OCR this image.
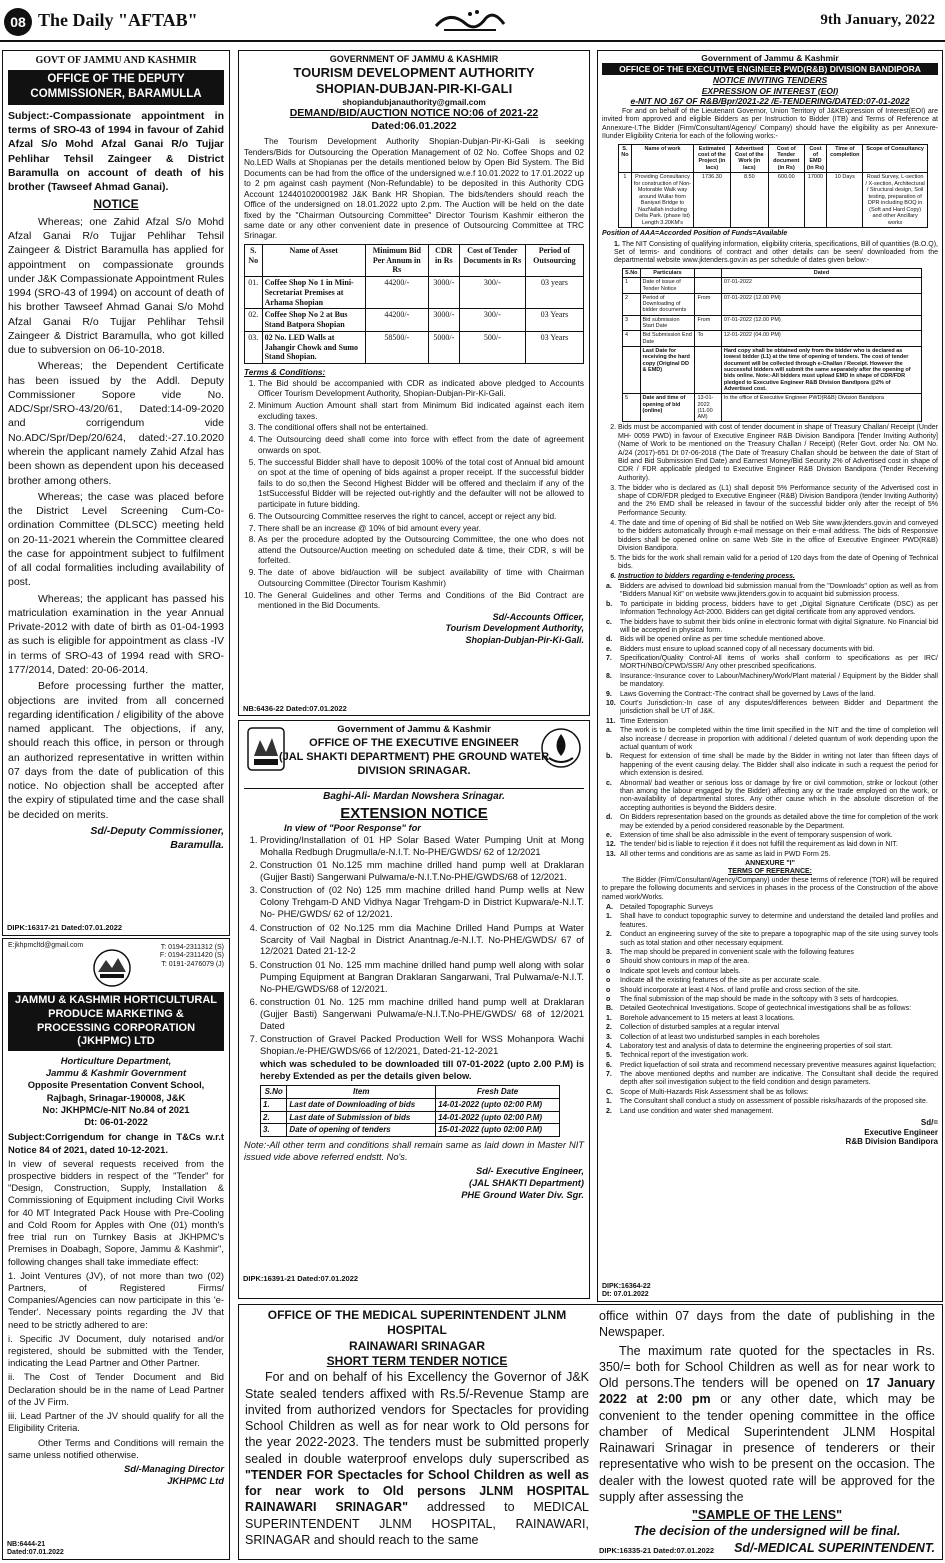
08 The Daily "AFTAB"	9th January, 2022
GOVT OF JAMMU AND KASHMIR
OFFICE OF THE DEPUTY COMMISSIONER, BARAMULLA

Subject:-Compassionate appointment in terms of SRO-43 of 1994 in favour of Zahid Afzal S/o Mohd Afzal Ganai R/o Tujjar Pehlihar Tehsil Zaingeer & District Baramulla on account of death of his brother (Tawseef Ahmad Ganai).

NOTICE

Whereas; one Zahid Afzal S/o Mohd Afzal Ganai R/o Tujjar Pehlihar Tehsil Zaingeer & District Baramulla has applied for appointment on compassionate grounds under J&K Compassionate Appointment Rules 1994 (SRO-43 of 1994) on account of death of his brother Tawseef Ahmad Ganai S/o Mohd Afzal Ganai R/o Tujjar Pehlihar Tehsil Zaingeer & District Baramulla, who got killed due to subversion on 06-10-2018.

Whereas; the Dependent Certificate has been issued by the Addl. Deputy Commissioner Sopore vide No. ADC/Spr/SRO-43/20/61, Dated:14-09-2020 and corrigendum vide No.ADC/Spr/Dep/20/624, dated:-27.10.2020 wherein the applicant namely Zahid Afzal has been shown as dependent upon his deceased brother among others.

Whereas; the case was placed before the District Level Screening Cum-Co-ordination Committee (DLSCC) meeting held on 20-11-2021 wherein the Committee cleared the case for appointment subject to fulfilment of all codal formalities including availability of post.

Whereas; the applicant has passed his matriculation examination in the year Annual Private-2012 with date of birth as 01-04-1993 as such is eligible for appointment as class -IV in terms of SRO-43 of 1994 read with SRO-177/2014, Dated: 20-06-2014.

Before processing further the matter, objections are invited from all concerned regarding identification / eligibility of the above named applicant. The objections, if any, should reach this office, in person or through an authorized representative in written within 07 days from the date of publication of this notice. No objection shall be accepted after the expiry of stipulated time and the case shall be decided on merits.

Sd/-Deputy Commissioner,
Baramulla.
DIPK:16317-21 Dated:07.01.2022
E:jkhpmcltd@gmail.com	T: 0194-2311312 (S)
F: 0194-2311420 (S)
T: 0191-2476079 (J)
JAMMU & KASHMIR HORTICULTURAL PRODUCE MARKETING & PROCESSING CORPORATION (JKHPMC) LTD
Horticulture Department,
Jammu & Kashmir Government
Opposite Presentation Convent School,
Rajbagh, Srinagar-190008, J&K
No: JKHPMC/e-NIT No.84 of 2021
Dt: 06-01-2022

Subject:Corrigendum for change in T&Cs w.r.t Notice 84 of 2021, dated 10-12-2021.

In view of several requests received from the prospective bidders in respect of the "Tender" for "Design, Construction, Supply, Installation & Commissioning of Equipment including Civil Works for 40 MT Integrated Pack House with Pre-Cooling and Cold Room for Apples with One (01) month's free trial run on Turnkey Basis at JKHPMC's Premises in Doabagh, Sopore, Jammu & Kashmir", following changes shall take immediate effect:

1. Joint Ventures (JV), of not more than two (02) Partners, of Registered Firms/ Companies/Agencies can now participate in this 'e-Tender'. Necessary points regarding the JV that need to be strictly adhered to are:

i. Specific JV Document, duly notarised and/or registered, should be submitted with the Tender, indicating the Lead Partner and Other Partner.

ii. The Cost of Tender Document and Bid Declaration should be in the name of Lead Partner of the JV Firm.

iii. Lead Partner of the JV should qualify for all the Eligibility Criteria.

Other Terms and Conditions will remain the same unless notified otherwise.

Sd/-Managing Director
JKHPMC Ltd
NB:6444-21
Dated:07.01.2022
GOVERNMENT OF JAMMU & KASHMIR
TOURISM DEVELOPMENT AUTHORITY
SHOPIAN-DUBJAN-PIR-KI-GALI
shopiandubjanauthority@gmail.com
DEMAND/BID/AUCTION NOTICE NO:06 of 2021-22
Dated:06.01.2022

The Tourism Development Authority Shopian-Dubjan-Pir-Ki-Gali is seeking Tenders/Bids for Outsourcing the Operation Management of 02 No. Coffee Shops and 02 No.LED Walls at Shopianas per the details mentioned below by Open Bid System. The Bid Documents can be had from the office of the undersigned w.e.f 10.01.2022 to 17.01.2022 up to 2 pm against cash payment (Non-Refundable) to be deposited in this Authority CDG Account 124401020001982 J&K Bank HR Shopian. The bids/tenders should reach the Office of the undersigned on 18.01.2022 upto 2.pm. The Auction will be held on the date fixed by the "Chairman Outsourcing Committee" Director Tourism Kashmir eitheron the same date or any other convenient date in presence of Outsourcing Committee at TRC Srinagar.

S. No	Name of Asset	Minimum Bid Per Annum in Rs	CDR in Rs	Cost of Tender Documents in Rs	Period of Outsourcing
01.	Coffee Shop No 1 in Mini-Secretariat Premises at Arhama Shopian	44200/-	3000/-	300/-	03 years
02.	Coffee Shop No 2 at Bus Stand Batpora Shopian	44200/-	3000/-	300/-	03 Years
03.	02 No. LED Walls at Jahangir Chowk and Sumo Stand Shopian.	58500/-	5000/-	500/-	03 Years
Terms & Conditions:
1. The Bid should be accompanied with CDR as indicated above pledged to Accounts Officer Tourism Development Authority, Shopian-Dubjan-Pir-Ki-Gali.
2. Minimum Auction Amount shall start from Minimum Bid indicated against each item excluding taxes.
3. The conditional offers shall not be entertained.
4. The Outsourcing deed shall come into force with effect from the date of agreement onwards on spot.
5. The successful Bidder shall have to deposit 100% of the total cost of Annual bid amount on spot at the time of opening of bids against a proper receipt. If the successful bidder fails to do so,then the Second Highest Bidder will be offered and theclaim if any of the 1stSuccessful Bidder will be rejected out-rightly and the defaulter will not be allowed to participate in future bidding.
6. The Outsourcing Committee reserves the right to cancel, accept or reject any bid.
7. There shall be an increase @ 10% of bid amount every year.
8. As per the procedure adopted by the Outsourcing Committee, the one who does not attend the Outsource/Auction meeting on scheduled date & time, their CDR, s will be forfeited.
9. The date of above bid/auction will be subject availability of time with Chairman Outsourcing Committee (Director Tourism Kashmir)
10. The General Guidelines and other Terms and Conditions of the Bid Contract are mentioned in the Bid Documents.
Sd/-Accounts Officer,
Tourism Development Authority,
Shopian-Dubjan-Pir-Ki-Gali.
NB:6436-22 Dated:07.01.2022
Government of Jammu & Kashmir
OFFICE OF THE EXECUTIVE ENGINEER
(JAL SHAKTI DEPARTMENT) PHE GROUND WATER
DIVISION SRINAGAR.
Baghi-Ali- Mardan Nowshera Srinagar.
EXTENSION NOTICE
In view of "Poor Response" for
1. Providing/Installation of 01 HP Solar Based Water Pumping Unit at Mong Mohalla Redbugh Drugmulla/e-N.I.T. No-PHE/GWDS/ 62 of 12/2021
2. Construction 01 No.125 mm machine drilled hand pump well at Draklaran (Gujjer Basti) Sangerwani Pulwama/e-N.I.T.No-PHE/GWDS/68 of 12/2021.
3. Construction of (02 No) 125 mm machine drilled hand Pump wells at New Colony Trehgam-D AND Vidhya Nagar Trehgam-D in District Kupwara/e-N.I.T. No- PHE/GWDS/ 62 of 12/2021.
4. Construction of 02 No.125 mm dia Machine Drilled Hand Pumps at Water Scarcity of Vail Nagbal in District Anantnag./e-N.I.T. No-PHE/GWDS/ 67 of 12/2021 Dated 21-12-2
5. Construction 01 No. 125 mm machine drilled hand pump well along with solar Pumping Equipment at Bangran Draklaran Sangarwani, Tral Pulwama/e-N.I.T. No-PHE/GWDS/68 of 12/2021.
6. construction 01 No. 125 mm machine drilled hand pump well at Draklaran (Gujjer Basti) Sangerwani Pulwama/e-N.I.T.No-PHE/GWDS/ 68 of 12/2021 Dated
7. Construction of Gravel Packed Production Well for WSS Mohanpora Wachi Shopian./e-PHE/GWDS/66 of 12/2021, Dated-21-12-2021

which was scheduled to be downloaded till 07-01-2022 (upto 2.00 P.M) is hereby Extended as per the details given below.

S.No	Item	Fresh Date
1.	Last date of Downloading of bids	14-01-2022 (upto 02:00 P.M)
2.	Last date of Submission of bids	14-01-2022 (upto 02:00 P.M)
3.	Date of opening of tenders	15-01-2022 (upto 02:00 P.M)

Note:-All other term and conditions shall remain same as laid down in Master NIT issued vide above referred endstt. No's.

Sd/- Executive Engineer,
(JAL SHAKTI Department)
PHE Ground Water Div. Sgr.
DIPK:16391-21 Dated:07.01.2022
Government of Jammu & Kashmir
OFFICE OF THE EXECUTIVE ENGINEER PWD(R&B) DIVISION BANDIPORA
NOTICE INVITING TENDERS
EXPRESSION OF INTEREST (EOI)
e-NIT NO 167 OF R&B/Bpr/2021-22 /E-TENDERING/DATED:07-01-2022

For and on behalf of the Lieutenant Governor, Union Territory of J&KExpression of Interest(EOI) are invited from approved and eligible Bidders as per Instruction to Bidder (ITB) and Terms of Reference at Annexure-I.The Bidder (Firm/Consultant/Agency/ Company) should have the eligibility as per Annexure-IIunder Eligibility Criteria for each of the following works:-

S. No	Name of work	Estimated cost of the Project (in lacs)	Advertised Cost of the Work (in lacs)	Cost of Tender document (in Rs)	Cost of EMD (in Rs)	Time of completion	Scope of Consultancy
1	Providing Consultancy for construction of Non-Motorable Walk way around Wullar from Baniyari Bridge to NazNallah including Delta Park. (phase Ist) Length 3.20KM's	1736.30	8.50	600.00	17000	10 Days	Road Survey, L-section / X-section, Architectural / Structural design, Soil testing, preparation of DPR including BOQ in (Soft and Hard Copy) and other Ancillary works

Position of AAA=Accorded Position of Funds=Available

1. The NIT Consisting of qualifying information, eligibility criteria, specifications, Bill of quantities (B.O.Q), Set of terms- and conditions of contract and other details can be seen/ downloaded from the departmental website www.jktenders.gov.in as per schedule of dates given below:-

S.No	Particulars		Dated
1	Date of issue of Tender Notice		07-01-2022
2	Period of Downloading of bidder documents	From	07-01-2022 (12.00 PM)
3	Bid submission Start Date	From	07-01-2022 (12.00 PM)
4	Bid Submission End Date	To	12-01-2022 (04.00 PM)
	Last Date for receiving the hard copy (Original DD & EMD)		Hard copy shall be obtained only from the bidder who is declared as lowest bidder (L1) at the time of opening of tenders. The cost of tender document will be collected through e-Challan / Receipt. However the successful bidders will submit the same separately after the opening of bids online. Note:-All bidders must upload EMD in shape of CDR/FDR pledged to Executive Engineer R&B Division Bandipora @2% of Advertised cost.
5	Date and time of opening of bid (online)	13-01-2022 (11.00 AM)	In the office of Executive Engineer PWD(R&B) Division Bandipora
2. Bids must be accompanied with cost of tender document in shape of Treasury Challan/ Receipt (Under MH- 0059 PWD) in favour of Executive Engineer R&B Division Bandipora [Tender Inviting Authority] (Name of Work to be mentioned on the Treasury Challan / Receipt) (Refer Govt. order No. OM No. A/24 (2017)-651 Dt 07-06-2018 (The Date of Treasury Challan should be between the date of Start of Bid and Bid Submission End Date) and Earnest Money/Bid Security 2% of Advertised cost in shape of CDR / FDR applicable pledged to Executive Engineer R&B Division Bandipora (Tender Receiving Authority).
3. The bidder who is declared as (L1) shall deposit 5% Performance security of the Advertised cost in shape of CDR/FDR pledged to Executive Engineer (R&B) Division Bandipora (tender Inviting Authority) and the 2% EMD shall be released in favour of the successful bidder only after the receipt of 5% Performance Security.
4. The date and time of opening of Bid shall be notified on Web Site www.jktenders.gov.in and conveyed to the bidders automatically through e-mail message on their e-mail address. The bids of Responsive bidders shall be opened online on same Web Site in the office of Executive Engineer PWD(R&B) Division Bandipora.
5. The bids for the work shall remain valid for a period of 120 days from the date of Opening of Technical bids.
6. Instruction to bidders regarding e-tendering process.
a.	Bidders are advised to download bid submission manual from the "Downloads" option as well as from "Bidders Manual Kit" on website www.jktenders.gov.in to acquaint bid submission process.
b.	To participate in bidding process, bidders have to get „Digital Signature Certificate (DSC) as per Information Technology Act-2000. Bidders can get digital certificate from any approved vendors.
c.	The bidders have to submit their bids online in electronic format with digital Signature. No Financial bid will be accepted in physical form.
d.	Bids will be opened online as per time schedule mentioned above.
e.	Bidders must ensure to upload scanned copy of all necessary documents with bid.
7.	Specification/Quality Control-All items of works shall conform to specifications as per IRC/ MORTH/NBO/CPWD/SSR/ Any other prescribed specifications.
8.	Insurance:-Insurance cover to Labour/Machinery/Work/Plant material / Equipment by the Bidder shall be mandatory.
9.	Laws Governing the Contract:-The contract shall be governed by Laws of the land.
10. Court's Jurisdiction:-In case of any disputes/differences between Bidder and Department the jurisdiction shall be UT of J&K.
11. Time Extension
a.	The work is to be completed within the time limit specified in the NIT and the time of completion will also increase / decrease in proportion with additional / deleted quantum of work depending upon the actual quantum of work
b.	Request for extension of time shall be made by the Bidder in writing not later than fifteen days of happening of the event causing delay. The Bidder shall also indicate in such a request the period for which extension is desired.
c.	Abnormal/ bad weather or serious loss or damage by fire or civil commotion, strike or lockout (other than among the labour engaged by the Bidder) affecting any or the trade employed on the work, or non-availability of departmental stores. Any other cause which in the absolute discretion of the accepting authorities is beyond the Bidders desire.
d.	On Bidders representation based on the grounds as detailed above the time for completion of the work may be extended by a period considered reasonable by the Department.
e.	Extension of time shall be also admissible in the event of temporary suspension of work.
12. The tender/ bid is liable to rejection if it does not fulfill the requirement as laid down in NIT.
13. All other terms and conditions are as same as laid in PWD Form 25.
ANNEXURE "I"
TERMS OF REFERANCE:

The Bidder (Firm/Consultant/Agency/Company) under these terms of reference (TOR) will be required to prepare the following documents and services in phases in the process of the Construction of the above named work/Works.

A.	Detailed Topographic Surveys
1.	Shall have to conduct topographic survey to determine and understand the detailed land profiles and features.
2.	Conduct an engineering survey of the site to prepare a topographic map of the site using survey tools such as total station and other necessary equipment.
3.	The map should be prepared in convenient scale with the following features
o	Should show contours in map of the area.
o	Indicate spot levels and contour labels.
o	Indicate all the existing features of the site as per accurate scale.
o	Should incorporate at least 4 Nos. of land profile and cross section of the site.
o	The final submission of the map should be made in the softcopy with 3 sets of hardcopies.
B.	Detailed Geotechnical Investigations. Scope of geotechnical investigations shall be as follows:
1.	Borehole advancement to 15 meters at least 3 locations.
2.	Collection of disturbed samples at a regular interval
3.	Collection of at least two undisturbed samples in each boreholes
4.	Laboratory test and analysis of data to determine the engineering properties of soil start.
5.	Technical report of the investigation work.
6.	Predict liquefaction of soil strata and recommend necessary preventive measures against liquefaction;
7.	The above mentioned depths and number are indicative. The Consultant shall decide the required depth after soil investigation subject to the field condition and design parameters.
C.	Scope of Multi-Hazards Risk Assessment shall be as follows:
1.	The Consultant shall conduct a study on assessment of possible risks/hazards of the proposed site.
2.	Land use condition and water shed management.
Sd/=
Executive Engineer
R&B Division Bandipora
DIPK:16364-22
Dt: 07.01.2022
OFFICE OF THE MEDICAL SUPERINTENDENT JLNM HOSPITAL
RAINAWARI SRINAGAR
SHORT TERM TENDER NOTICE

For and on behalf of his Excellency the Governor of J&K State sealed tenders affixed with Rs.5/-Revenue Stamp are invited from authorized vendors for Spectacles for providing School Children as well as for near work to Old persons for the year 2022-2023. The tenders must be submitted properly sealed in double waterproof envelops duly superscribed as "TENDER FOR Spectacles for School Children as well as for near work to Old persons JLNM HOSPITAL RAINAWARI SRINAGAR" addressed to MEDICAL SUPERINTENDENT JLNM HOSPITAL, RAINAWARI, SRINAGAR and should reach to the same

office within 07 days from the date of publishing in the Newspaper.

The maximum rate quoted for the spectacles in Rs. 350/= both for School Children as well as for near work to Old persons.The tenders will be opened on 17 January 2022 at 2:00 pm or any other date, which may be convenient to the tender opening committee in the office chamber of Medical Superintendent JLNM Hospital Rainawari Srinagar in presence of tenderers or their representative who wish to be present on the occasion. The dealer with the lowest quoted rate will be approved for the supply after assessing the

"SAMPLE OF THE LENS"
The decision of the undersigned will be final.
Sd/-MEDICAL SUPERINTENDENT.
DIPK:16335-21 Dated:07.01.2022
